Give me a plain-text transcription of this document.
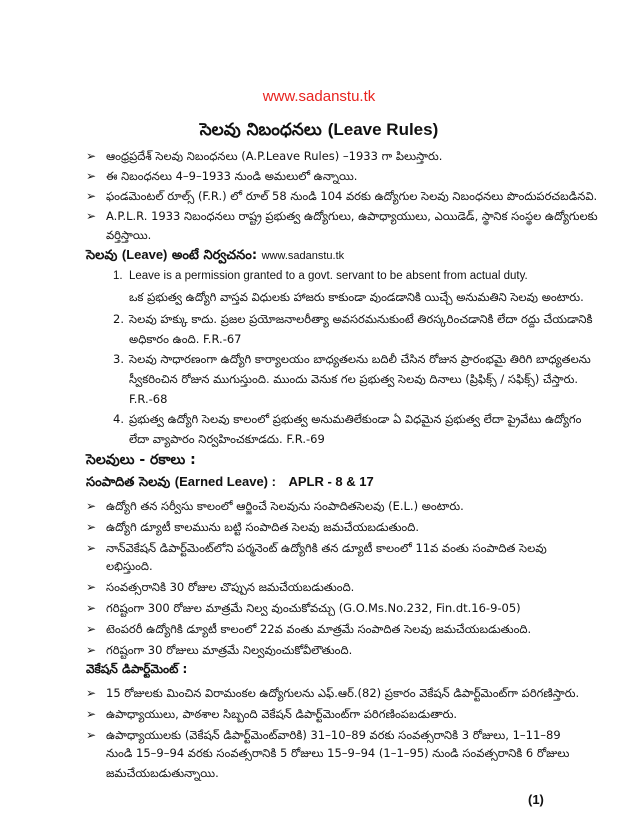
www.sadanstu.tk
సెలవు నిబంధనలు (Leave Rules)
➢ ఆంధ్రప్రదేశ్ సెలవు నిబంధనలు (A.P.Leave Rules) –1933 గా పిలుస్తారు.
➢ ఈ నిబంధనలు 4–9–1933 నుండి అమలులో ఉన్నాయి.
➢ ఫండమెంటల్ రూల్స్ (F.R.) లో రూల్ 58 నుండి 104 వరకు ఉద్యోగుల సెలవు నిబంధనలు పొందుపరచబడినవి.
➢ A.P.L.R. 1933 నిబంధనలు రాష్ట్ర ప్రభుత్వ ఉద్యోగులు, ఉపాధ్యాయులు, ఎయిడెడ్, స్థానిక సంస్థల ఉద్యోగులకు
వర్తిస్తాయి.
సెలవు (Leave) అంటే నిర్వచనం: www.sadanstu.tk
1. Leave is a permission granted to a govt. servant to be absent from actual duty.
ఒక ప్రభుత్వ ఉద్యోగి వాస్తవ విధులకు హాజరు కాకుండా వుండడానికి యిచ్చే అనుమతిని సెలవు అంటారు.
2. సెలవు హక్కు కాదు. ప్రజల ప్రయోజనాలరీత్యా అవసరమనుకుంటే తిరస్కరించడానికి లేదా రద్దు చేయడానికి
అధికారం ఉంది. F.R.-67
3. సెలవు సాధారణంగా ఉద్యోగి కార్యాలయం బాధ్యతలను బదిలీ చేసిన రోజున ప్రారంభమై తిరిగి బాధ్యతలను
స్వీకరించిన రోజున ముగుస్తుంది. ముందు వెనుక గల ప్రభుత్వ సెలవు దినాలు (ప్రిఫిక్స్ / సఫిక్స్) చేస్తారు.
F.R.-68
4. ప్రభుత్వ ఉద్యోగి సెలవు కాలంలో ప్రభుత్వ అనుమతిలేకుండా ఏ విధమైన ప్రభుత్వ లేదా ప్రైవేటు ఉద్యోగం
లేదా వ్యాపారం నిర్వహించకూడదు. F.R.-69
సెలవులు - రకాలు :
సంపాదిత సెలవు (Earned Leave) : APLR - 8 & 17
➢ ఉద్యోగి తన సర్వీసు కాలంలో ఆర్జించే సెలవును సంపాదితసెలవు (E.L.) అంటారు.
➢ ఉద్యోగి డ్యూటీ కాలమును బట్టి సంపాదిత సెలవు జమచేయబడుతుంది.
➢ నాన్‌వెకేషన్ డిపార్ట్‌మెంట్‌లోని పర్మనెంట్ ఉద్యోగికి తన డ్యూటీ కాలంలో 11వ వంతు సంపాదిత సెలవు
లభిస్తుంది.
➢ సంవత్సరానికి 30 రోజుల చొప్పున జమచేయబడుతుంది.
➢ గరిష్టంగా 300 రోజుల మాత్రమే నిల్వ వుంచుకోవచ్చు (G.O.Ms.No.232, Fin.dt.16-9-05)
➢ టెంపరరీ ఉద్యోగికి డ్యూటీ కాలంలో 22వ వంతు మాత్రమే సంపాదిత సెలవు జమచేయబడుతుంది.
➢ గరిష్టంగా 30 రోజులు మాత్రమే నిల్వవుంచుకోవీలౌతుంది.
వెకేషన్ డిపార్ట్‌మెంట్ :
➢ 15 రోజులకు మించిన విరామంకల ఉద్యోగులను ఎఫ్.ఆర్.(82) ప్రకారం వెకేషన్ డిపార్ట్‌మెంట్‌గా పరిగణిస్తారు.
➢ ఉపాధ్యాయులు, పాఠశాల సిబ్బంది వెకేషన్ డిపార్ట్‌మెంట్‌గా పరిగణింపబడుతారు.
➢ ఉపాధ్యాయులకు (వెకేషన్ డిపార్ట్‌మెంట్‌వారికి) 31–10–89 వరకు సంవత్సరానికి 3 రోజులు, 1–11–89
నుండి 15–9–94 వరకు సంవత్సరానికి 5 రోజులు 15–9–94 (1–1–95) నుండి సంవత్సరానికి 6 రోజులు
జమచేయబడుతున్నాయి.
(1)
